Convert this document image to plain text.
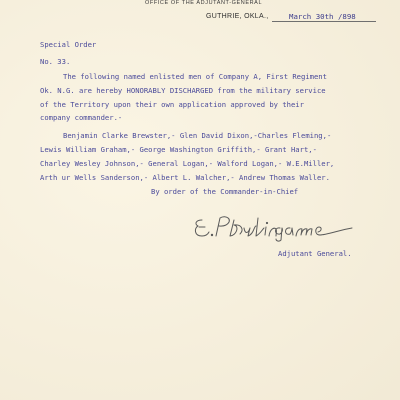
OFFICE OF THE ADJUTANT-GENERAL
GUTHRIE, OKLA.,	March 30th /898
Special Order
No. 33.
The following named enlisted men of Company A, First Regiment
Ok. N.G. are hereby HONORABLY DISCHARGED from the military service
of the Territory upon their own application approved by their
company commander.-
Benjamin Clarke Brewster,- Glen David Dixon,-Charles Fleming,-
Lewis William Graham,- George Washington Griffith,- Grant Hart,-
Charley Wesley Johnson,- General Logan,- Walford Logan,- W.E.Miller,
Arth ur Wells Sanderson,- Albert L. Walcher,- Andrew Thomas Waller.
By order of the Commander-in-Chief
Adjutant General.
